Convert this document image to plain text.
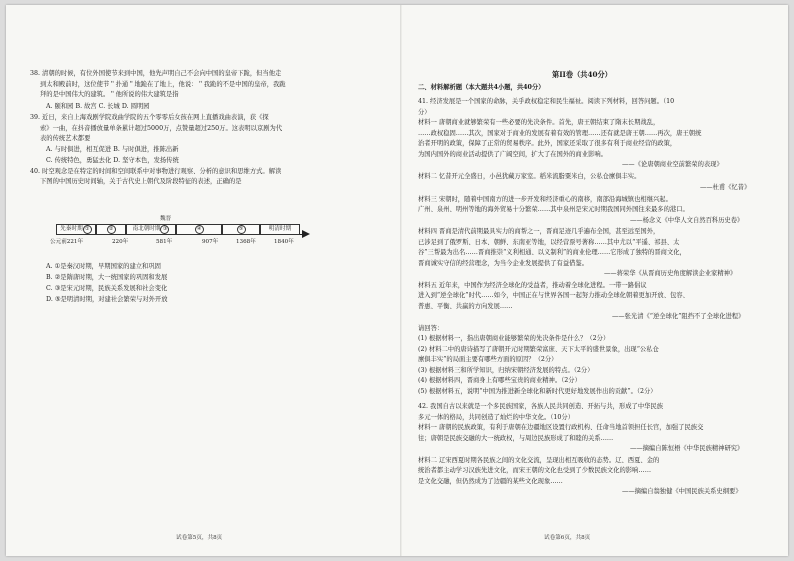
38. 清朝的时候，有位外国使节来到中国，他先声明自己不会向中国的皇帝下跪，但当他走
到太和殿前时，这位使节＂扑通＂地跪在了地上，他说：＂我跪的不是中国的皇帝，我跪
拜的是中国伟大的建筑。＂他所说的伟大建筑是指
A. 颐和园 B. 故宫 C. 长城 D. 圆明园
39. 近日，来自上海戏剧学院戏曲学院的五个零零后女孩在网上直播戏曲表演，获《探
索》一曲，在抖音播放量单条累计超过5000万，点赞量超过250万。这表明以京剧为代
表的传统艺术都要
A. 与时俱进，相互促进 B. 与时俱进，推陈出新
C. 传统特色，勇猛去化 D. 坚守本色，发扬传统
40. 时空观念是在特定的时间和空间联系中对事物进行观察、分析的意识和思维方式。解读
下图的中国历史时间轴，关于古代史上朝代及阶段特征的表述，正确的是
魏晋
先秦时期 ①	②	南北朝时期 ③	④	⑤	明清时期
公元前221年	220年	581年	907年	1368年	1840年
A. ①是秦汉时期，早期国家的建立和巩固
B. ②是隋唐时期，大一统国家的巩固和发展
C. ③是宋元时期，民族关系发展和社会变化
D. ⑤是明清时期，对建社会繁荣与对外开放
试卷第5页，共8页
第II卷（共40分）
二、材料解析题（本大题共4小题，共40分）
41. 经济发展是一个国家的命脉，关乎政权稳定和民生福祉。阅读下列材料，回答问题。（10
分）
材料一 唐朝商业就够繁荣有一些必要的先决条件。首先，唐王朝结束了隋末长期战乱，
……政权稳固……其次，国家对于商业的发展有着有效的管理……还有就是唐王朝……再次，唐王朝统
治者开明的政策，保障了正常的贸易秩序。此外，国家还采取了很多有利于商业经营的政策，
为国内国外的商业活动提供了广阔空间，扩大了在国外的商业影响。
——《论唐朝商业空前繁荣的表现》
材料二 忆昔开元全盛日，小邑犹藏万家室。稻米流脂粟米白，公私仓廪俱丰实。
——杜甫《忆昔》
材料三 宋朝时，随着中国南方的进一步开发和经济重心的南移，南部沿海城镇也相继兴起。
广州、泉州、明州等地的海外贸易十分繁荣……其中泉州是宋元时期我国同外国往来最多的港口。
——杨念义《中华人文自然百科历史卷》
材料四 晋商是清代前期最具实力的商帮之一，晋商足迹几乎遍布全国，甚至远至国外，
已涉足到了俄罗斯、日本、朝鲜、东南亚等地，以经营票号著称……其中尤以“平遥、祁县、太
谷”三帮最为出名……晋商推崇“义利相通、以义制利”的商业伦理……它形成了独特的晋商文化，
晋商诚实守信的经营理念，为当今企业发展提供了有益借鉴。
——蒋荣华《从晋商历史角度解读企业家精神》
材料五 近年来，中国作为经济全球化的受益者，推动着全球化进程。一带一路倡议
进入到“逆全球化”时代……如今，中国正在与世界各国一起努力推动全球化朝着更加开放、包容、
普惠、平衡、共赢的方向发展……
——张光清《“逆全球化”阻挡不了全球化进程》
请回答：
(1) 根据材料一，指出唐朝商业能够繁荣的先决条件是什么？（2分）
(2) 材料二中的唐诗描写了唐朝开元时期繁荣富庶、天下太平的盛世景象，出现“公私仓
廪俱丰实”的局面主要有哪些方面的原因？（2分）
(3) 根据材料三和所学知识，归纳宋朝经济发展的特点。（2分）
(4) 根据材料四，晋商身上有哪些宝贵的商业精神。（2分）
(5) 根据材料五，说明“中国为推进新全球化和新时代更好地发展作出的贡献”。（2分）
42. 我国自古以来就是一个多民族国家，各族人民共同创造、开拓与共，形成了中华民族
多元一体的格局，共同创造了灿烂的中华文化。（10分）
材料一 唐朝的民族政策，有利于唐朝在边疆地区设置行政机构、任命当地首领担任长官，加强了民族交
往；唐朝是民族交融的大一统政权，与周边民族形成了和睦的关系……
——摘编自陈恒梧《中华民族精神研究》
材料二 辽宋西夏时期各民族之间的文化交流，呈现出相互吸收的态势。辽、西夏、金的
统治者都主动学习汉族先进文化，而宋王朝的文化也受到了少数民族文化的影响……
是文化交融，但仍然成为了边疆的某些文化现象……
——摘编自翁独健《中国民族关系史纲要》
试卷第6页，共8页
